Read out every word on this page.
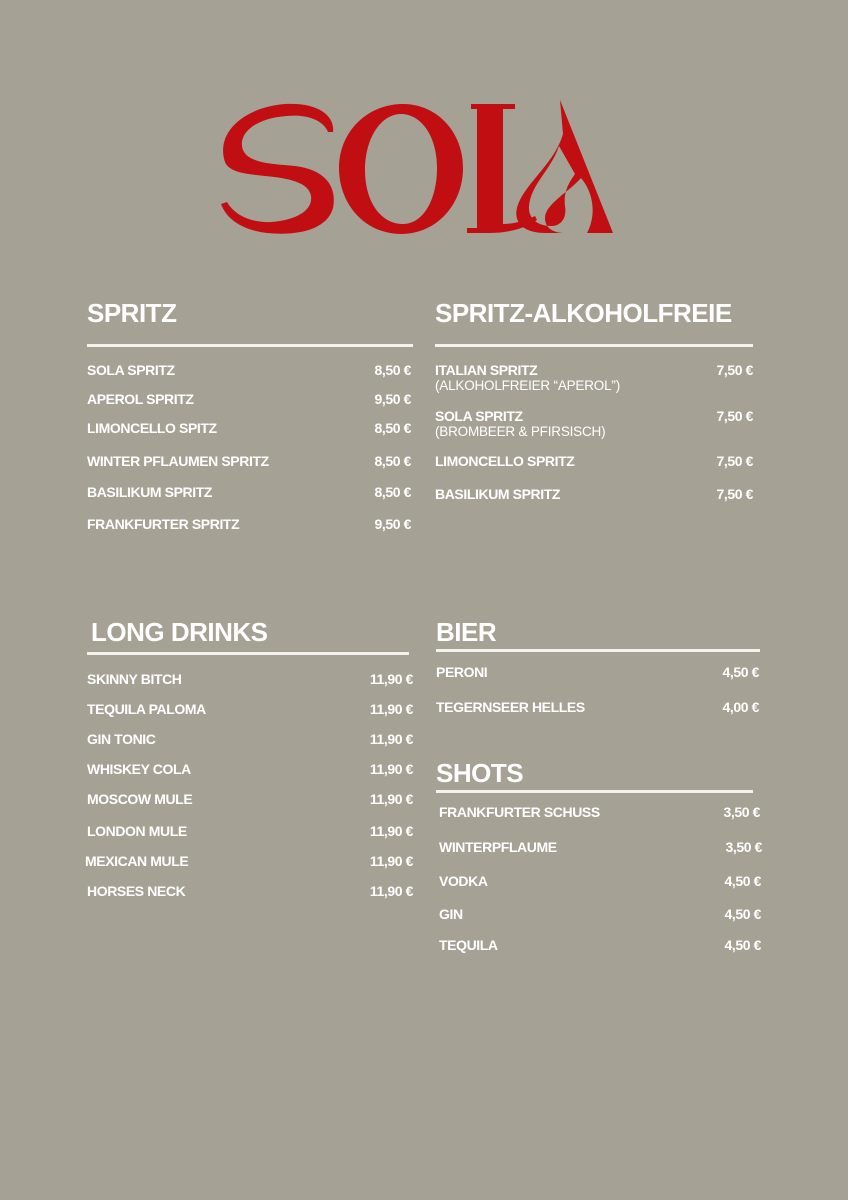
SPRITZ
SOLA SPRITZ	8,50 €
APEROL SPRITZ	9,50 €
LIMONCELLO SPITZ	8,50 €
WINTER PFLAUMEN SPRITZ	8,50 €
BASILIKUM SPRITZ	8,50 €
FRANKFURTER SPRITZ	9,50 €
SPRITZ-ALKOHOLFREIE
ITALIAN SPRITZ
(ALKOHOLFREIER “APEROL”)
7,50 €
SOLA SPRITZ
(BROMBEER & PFIRSISCH)
7,50 €
LIMONCELLO SPRITZ	7,50 €
BASILIKUM SPRITZ	7,50 €
LONG DRINKS
SKINNY BITCH	11,90 €
TEQUILA PALOMA	11,90 €
GIN TONIC	11,90 €
WHISKEY COLA	11,90 €
MOSCOW MULE	11,90 €
LONDON MULE	11,90 €
MEXICAN MULE	11,90 €
HORSES NECK	11,90 €
BIER
PERONI	4,50 €
TEGERNSEER HELLES	4,00 €
SHOTS
FRANKFURTER SCHUSS	3,50 €
WINTERPFLAUME	3,50 €
VODKA	4,50 €
GIN	4,50 €
TEQUILA	4,50 €
